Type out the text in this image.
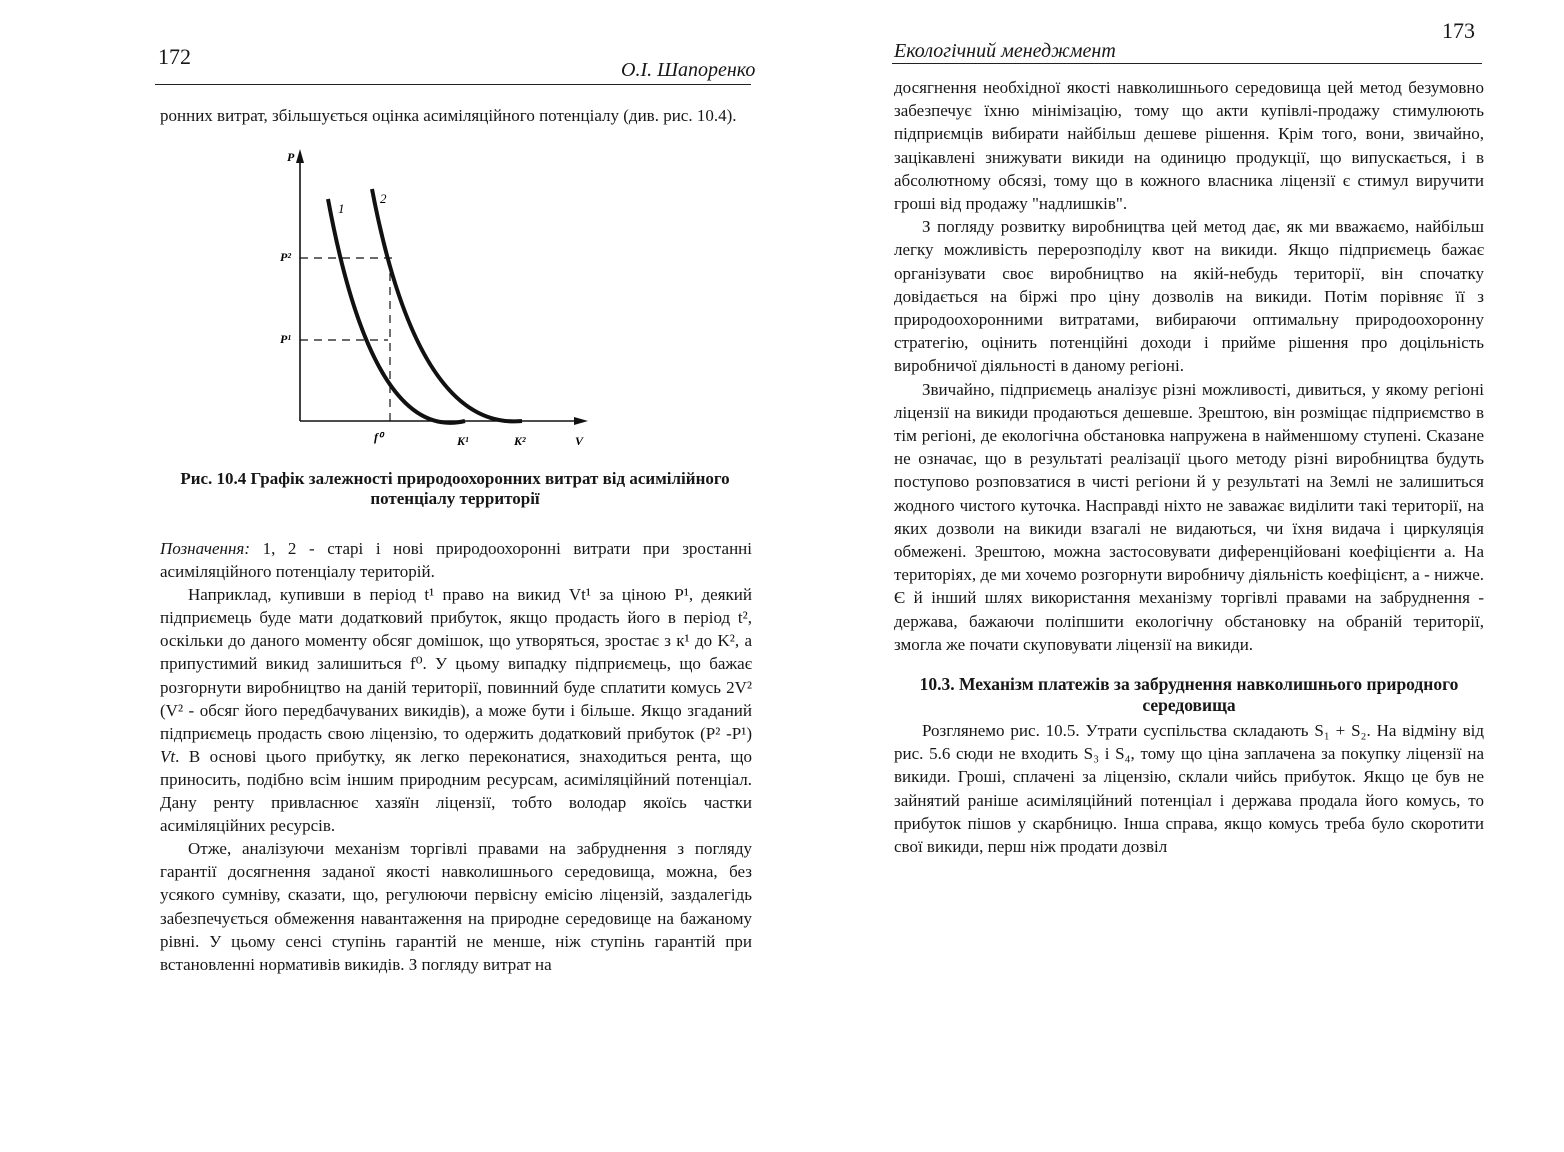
172
О.І. Шапоренко
ронних витрат, збільшується оцінка асиміляційного потенціалу (див. рис. 10.4).
P
V
1
2
P²
P¹
f⁰	K¹	K²
Рис. 10.4 Графік залежності природоохоронних витрат від асимілійного потенціалу территорії

Позначення: 1, 2 - старі і нові природоохоронні витрати при зростанні асиміляційного потенціалу територій.

Наприклад, купивши в період t¹ право на викид Vt¹ за ціною P¹, деякий підприємець буде мати додатковий прибуток, якщо продасть його в період t², оскільки до даного моменту обсяг домішок, що утворяться, зростає з к¹ до K², а припустимий викид залишиться f⁰. У цьому випадку підприємець, що бажає розгорнути виробництво на даній території, повинний буде сплатити комусь 2V² (V² - обсяг його передбачуваних викидів), а може бути і більше. Якщо згаданий підприємець продасть свою ліцензію, то одержить додатковий прибуток (P² -P¹) Vt. В основі цього прибутку, як легко переконатися, знаходиться рента, що приносить, подібно всім іншим природним ресурсам, асиміляційний потенціал. Дану ренту привласнює хазяїн ліцензії, тобто володар якоїсь частки асиміляційних ресурсів.

Отже, аналізуючи механізм торгівлі правами на забруднення з погляду гарантії досягнення заданої якості навколишнього середовища, можна, без усякого сумніву, сказати, що, регулюючи первісну емісію ліцензій, заздалегідь забезпечується обмеження навантаження на природне середовище на бажаному рівні. У цьому сенсі ступінь гарантій не менше, ніж ступінь гарантій при встановленні нормативів викидів. З погляду витрат на

173
Екологічний менеджмент

досягнення необхідної якості навколишнього середовища цей метод безумовно забезпечує їхню мінімізацію, тому що акти купівлі-продажу стимулюють підприємців вибирати найбільш дешеве рішення. Крім того, вони, звичайно, зацікавлені знижувати викиди на одиницю продукції, що випускається, і в абсолютному обсязі, тому що в кожного власника ліцензії є стимул виручити гроші від продажу "надлишків".

З погляду розвитку виробництва цей метод дає, як ми вважаємо, найбільш легку можливість перерозподілу квот на викиди. Якщо підприємець бажає організувати своє виробництво на якій-небудь території, він спочатку довідається на біржі про ціну дозволів на викиди. Потім порівняє її з природоохоронними витратами, вибираючи оптимальну природоохоронну стратегію, оцінить потенційні доходи і прийме рішення про доцільність виробничої діяльності в даному регіоні.

Звичайно, підприємець аналізує різні можливості, дивиться, у якому регіоні ліцензії на викиди продаються дешевше. Зрештою, він розміщає підприємство в тім регіоні, де екологічна обстановка напружена в найменшому ступені. Сказане не означає, що в результаті реалізації цього методу різні виробництва будуть поступово розповзатися в чисті регіони й у результаті на Землі не залишиться жодного чистого куточка. Насправді ніхто не заважає виділити такі території, на яких дозволи на викиди взагалі не видаються, чи їхня видача і циркуляція обмежені. Зрештою, можна застосовувати диференційовані коефіцієнти а. На територіях, де ми хочемо розгорнути виробничу діяльність коефіцієнт, а - нижче. Є й інший шлях використання механізму торгівлі правами на забруднення - держава, бажаючи поліпшити екологічну обстановку на обраній території, змогла же почати скуповувати ліцензії на викиди.

10.3. Механізм платежів за забруднення навколишнього природного середовища

Розглянемо рис. 10.5. Утрати суспільства складають S₁ + S₂. На відміну від рис. 5.6 сюди не входить S₃ і S₄, тому що ціна заплачена за покупку ліцензії на викиди. Гроші, сплачені за ліцензію, склали чийсь прибуток. Якщо це був не зайнятий раніше асиміляційний потенціал і держава продала його комусь, то прибуток пішов у скарбницю. Інша справа, якщо комусь треба було скоротити свої викиди, перш ніж продати дозвіл
